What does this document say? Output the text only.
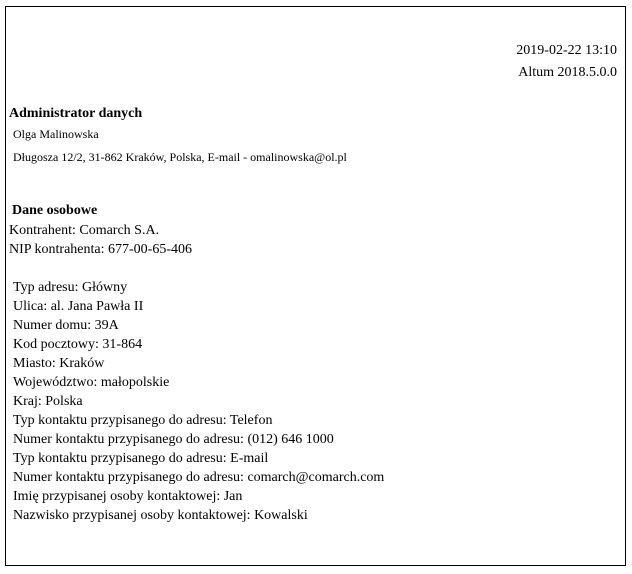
2019-02-22 13:10
Altum 2018.5.0.0
Administrator danych
Olga Malinowska
Długosza 12/2, 31-862 Kraków, Polska, E-mail - omalinowska@ol.pl
Dane osobowe
Kontrahent: Comarch S.A.
NIP kontrahenta: 677-00-65-406
Typ adresu: Główny
Ulica: al. Jana Pawła II
Numer domu: 39A
Kod pocztowy: 31-864
Miasto: Kraków
Województwo: małopolskie
Kraj: Polska
Typ kontaktu przypisanego do adresu: Telefon
Numer kontaktu przypisanego do adresu: (012) 646 1000
Typ kontaktu przypisanego do adresu: E-mail
Numer kontaktu przypisanego do adresu: comarch@comarch.com
Imię przypisanej osoby kontaktowej: Jan
Nazwisko przypisanej osoby kontaktowej: Kowalski
